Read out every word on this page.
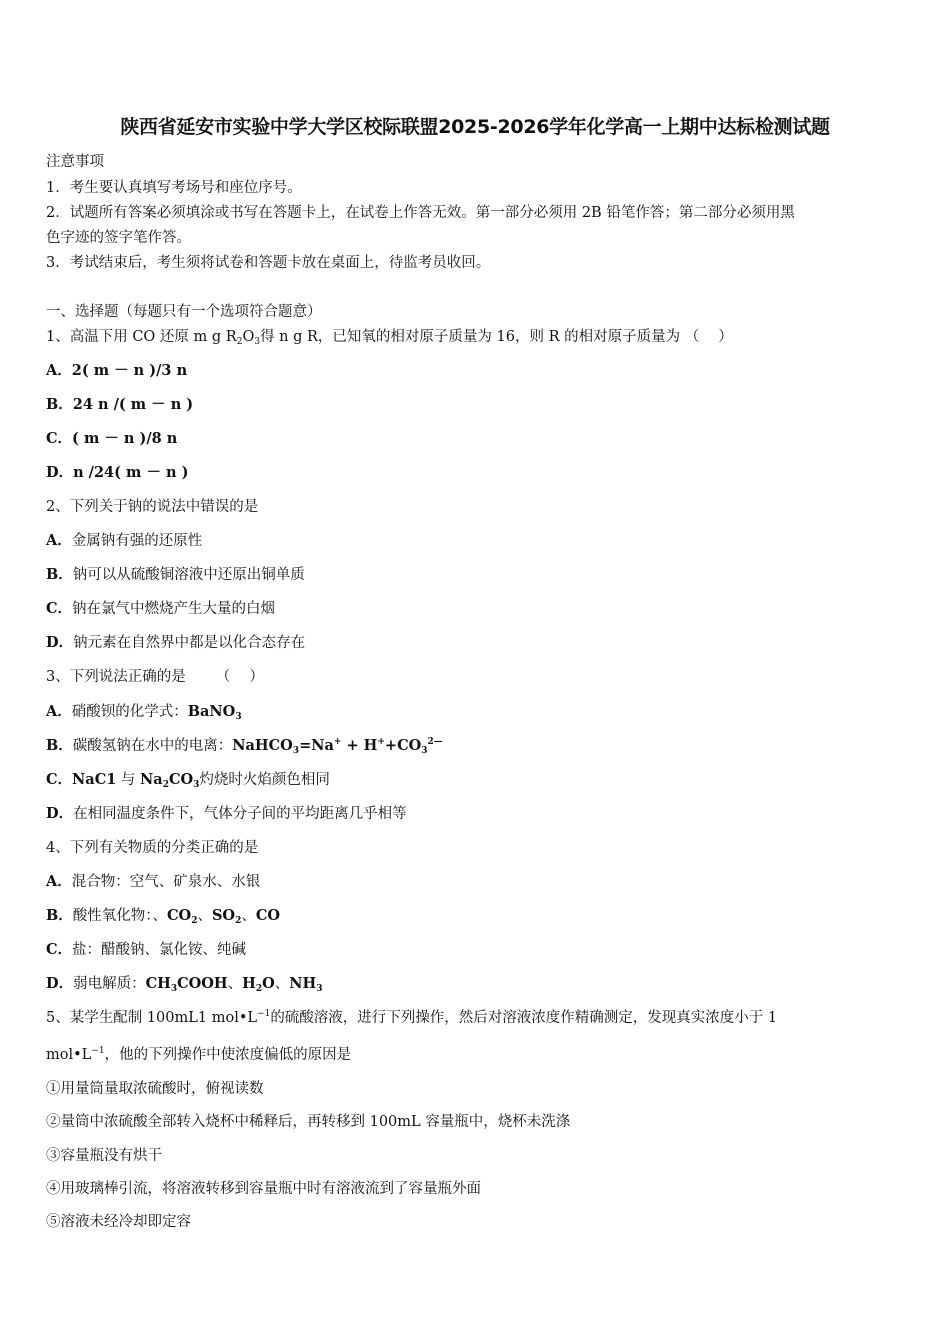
陕西省延安市实验中学大学区校际联盟2025-2026学年化学高一上期中达标检测试题
注意事项
1．考生要认真填写考场号和座位序号。
2．试题所有答案必须填涂或书写在答题卡上，在试卷上作答无效。第一部分必须用 2B 铅笔作答；第二部分必须用黑
色字迹的签字笔作答。
3．考试结束后，考生须将试卷和答题卡放在桌面上，待监考员收回。
一、选择题（每题只有一个选项符合题意）
1、高温下用 CO 还原 m g $R_2O_3$得 n g R，已知氧的相对原子质量为 16，则 R 的相对原子质量为 （　 ）
A．2( m － n )/3 n
B．24 n /( m － n )
C．( m － n )/8 n
D．n /24( m － n )
2、下列关于钠的说法中错误的是
A．金属钠有强的还原性
B．钠可以从硫酸铜溶液中还原出铜单质
C．钠在氯气中燃烧产生大量的白烟
D．钠元素在自然界中都是以化合态存在
3、下列说法正确的是 （　 ）
A．硝酸钡的化学式：BaNO$_3$
B．碳酸氢钠在水中的电离：NaHCO$_3$=Na+ + $H^++CO_3^{2—}$
C．NaC1 与 $Na_2CO_3$灼烧时火焰颜色相同
D．在相同温度条件下，气体分子间的平均距离几乎相等
4、下列有关物质的分类正确的是
A．混合物：空气、矿泉水、水银
B．酸性氧化物：、$CO_2$、$SO_2$、CO
C．盐：醋酸钠、氯化铵、纯碱
D．弱电解质：$CH_3COOH$、$H_2O$、$NH_3$
5、某学生配制 100mL1 $mol•L^{-1}$的硫酸溶液，进行下列操作，然后对溶液浓度作精确测定，发现真实浓度小于 1
$mol•L^{-1}$，他的下列操作中使浓度偏低的原因是
①用量筒量取浓硫酸时，俯视读数
②量筒中浓硫酸全部转入烧杯中稀释后，再转移到 100mL 容量瓶中，烧杯未洗涤
③容量瓶没有烘干
④用玻璃棒引流，将溶液转移到容量瓶中时有溶液流到了容量瓶外面
⑤溶液未经冷却即定容
